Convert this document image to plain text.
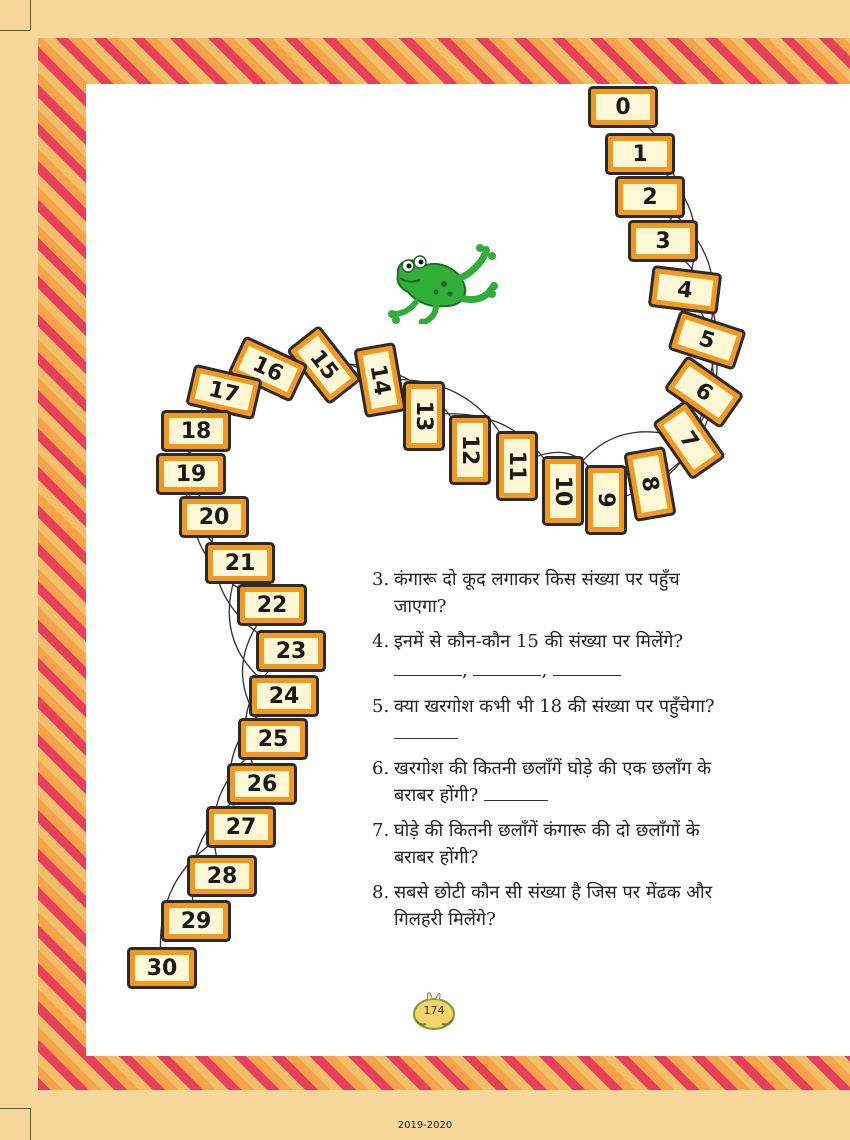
0
1
2
3
4
5
6
7
8
9
10
11
12
13
14
15
16
17
18
19
20
21
22
23
24
25
26
27
28
29
30
3. कंगारू दो कूद लगाकर किस संख्या पर पहुँच जाएगा?
4. इनमें से कौन-कौन 15 की संख्या पर मिलेंगे?
,	,
5. क्या खरगोश कभी भी 18 की संख्या पर पहुँचेगा?
6. खरगोश की कितनी छलाँगें घोड़े की एक छलाँग के बराबर होंगी?
7. घोड़े की कितनी छलाँगें कंगारू की दो छलाँगों के बराबर होंगी?
8. सबसे छोटी कौन सी संख्या है जिस पर मेंढक और गिलहरी मिलेंगे?
174
2019-2020
